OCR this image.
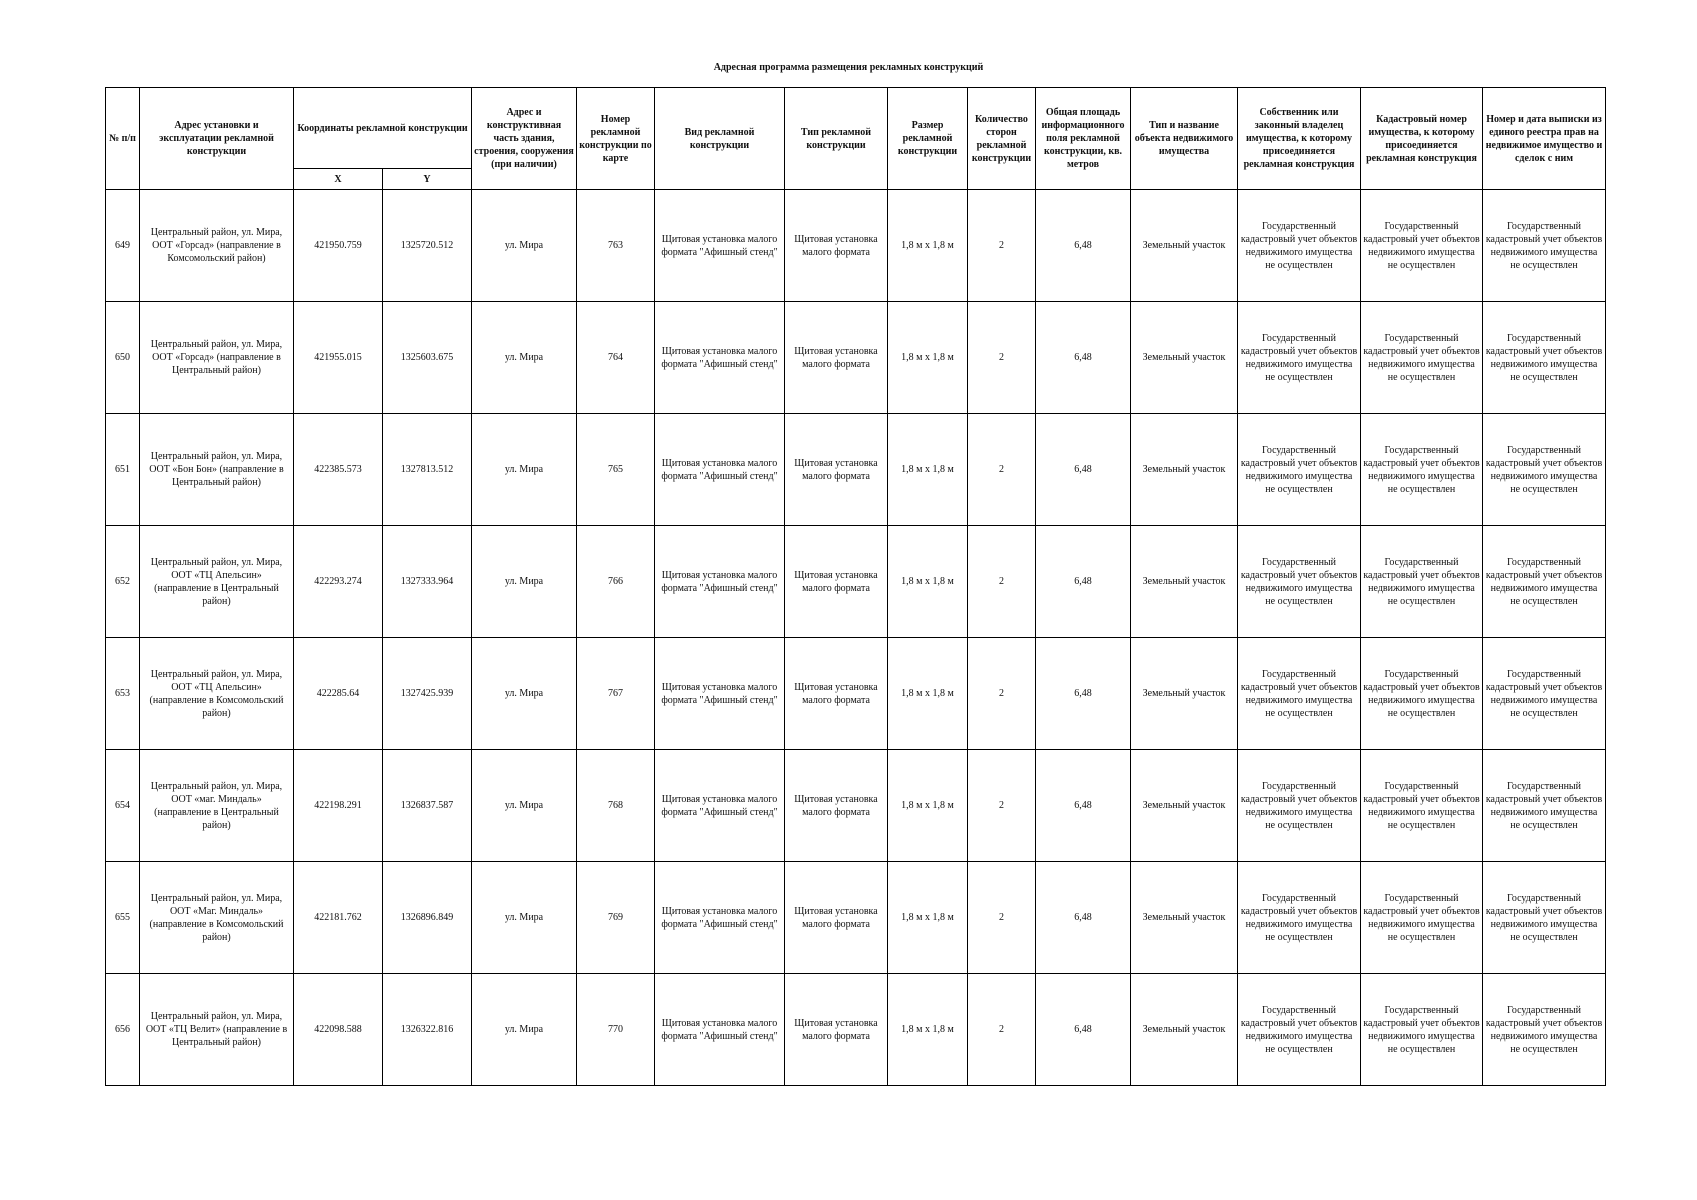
Адресная программа размещения рекламных конструкций
№ п/п	Адрес установки и эксплуатации рекламной конструкции	Координаты рекламной конструкции		Адрес и конструктивная часть здания, строения, сооружения (при наличии)	Номер рекламной конструкции по карте	Вид рекламной конструкции	Тип рекламной конструкции	Размер рекламной конструкции	Количество сторон рекламной конструкции	Общая площадь информационного поля рекламной конструкции, кв. метров	Тип и название объекта недвижимого имущества	Собственник или законный владелец имущества, к которому присоединяется рекламная конструкция	Кадастровый номер имущества, к которому присоединяется рекламная конструкция	Номер и дата выписки из единого реестра прав на недвижимое имущество и сделок с ним
		X	Y											
649	Центральный район, ул. Мира, ООТ «Горсад» (направление в Комсомольский район)	421950.759	1325720.512	ул. Мира	763	Щитовая установка малого формата "Афишный стенд"	Щитовая установка малого формата	1,8 м х 1,8 м	2	6,48	Земельный участок	Государственный кадастровый учет объектов недвижимого имущества не осуществлен	Государственный кадастровый учет объектов недвижимого имущества не осуществлен	Государственный кадастровый учет объектов недвижимого имущества не осуществлен
650	Центральный район, ул. Мира, ООТ «Горсад» (направление в Центральный район)	421955.015	1325603.675	ул. Мира	764	Щитовая установка малого формата "Афишный стенд"	Щитовая установка малого формата	1,8 м х 1,8 м	2	6,48	Земельный участок	Государственный кадастровый учет объектов недвижимого имущества не осуществлен	Государственный кадастровый учет объектов недвижимого имущества не осуществлен	Государственный кадастровый учет объектов недвижимого имущества не осуществлен
651	Центральный район, ул. Мира, ООТ «Бон Бон» (направление в Центральный район)	422385.573	1327813.512	ул. Мира	765	Щитовая установка малого формата "Афишный стенд"	Щитовая установка малого формата	1,8 м х 1,8 м	2	6,48	Земельный участок	Государственный кадастровый учет объектов недвижимого имущества не осуществлен	Государственный кадастровый учет объектов недвижимого имущества не осуществлен	Государственный кадастровый учет объектов недвижимого имущества не осуществлен
652	Центральный район, ул. Мира, ООТ «ТЦ Апельсин» (направление в Центральный район)	422293.274	1327333.964	ул. Мира	766	Щитовая установка малого формата "Афишный стенд"	Щитовая установка малого формата	1,8 м х 1,8 м	2	6,48	Земельный участок	Государственный кадастровый учет объектов недвижимого имущества не осуществлен	Государственный кадастровый учет объектов недвижимого имущества не осуществлен	Государственный кадастровый учет объектов недвижимого имущества не осуществлен
653	Центральный район, ул. Мира, ООТ «ТЦ Апельсин» (направление в Комсомольский район)	422285.64	1327425.939	ул. Мира	767	Щитовая установка малого формата "Афишный стенд"	Щитовая установка малого формата	1,8 м х 1,8 м	2	6,48	Земельный участок	Государственный кадастровый учет объектов недвижимого имущества не осуществлен	Государственный кадастровый учет объектов недвижимого имущества не осуществлен	Государственный кадастровый учет объектов недвижимого имущества не осуществлен
654	Центральный район, ул. Мира, ООТ «маг. Миндаль» (направление в Центральный район)	422198.291	1326837.587	ул. Мира	768	Щитовая установка малого формата "Афишный стенд"	Щитовая установка малого формата	1,8 м х 1,8 м	2	6,48	Земельный участок	Государственный кадастровый учет объектов недвижимого имущества не осуществлен	Государственный кадастровый учет объектов недвижимого имущества не осуществлен	Государственный кадастровый учет объектов недвижимого имущества не осуществлен
655	Центральный район, ул. Мира, ООТ «Маг. Миндаль» (направление в Комсомольский район)	422181.762	1326896.849	ул. Мира	769	Щитовая установка малого формата "Афишный стенд"	Щитовая установка малого формата	1,8 м х 1,8 м	2	6,48	Земельный участок	Государственный кадастровый учет объектов недвижимого имущества не осуществлен	Государственный кадастровый учет объектов недвижимого имущества не осуществлен	Государственный кадастровый учет объектов недвижимого имущества не осуществлен
656	Центральный район, ул. Мира, ООТ «ТЦ Велит» (направление в Центральный район)	422098.588	1326322.816	ул. Мира	770	Щитовая установка малого формата "Афишный стенд"	Щитовая установка малого формата	1,8 м х 1,8 м	2	6,48	Земельный участок	Государственный кадастровый учет объектов недвижимого имущества не осуществлен	Государственный кадастровый учет объектов недвижимого имущества не осуществлен	Государственный кадастровый учет объектов недвижимого имущества не осуществлен
